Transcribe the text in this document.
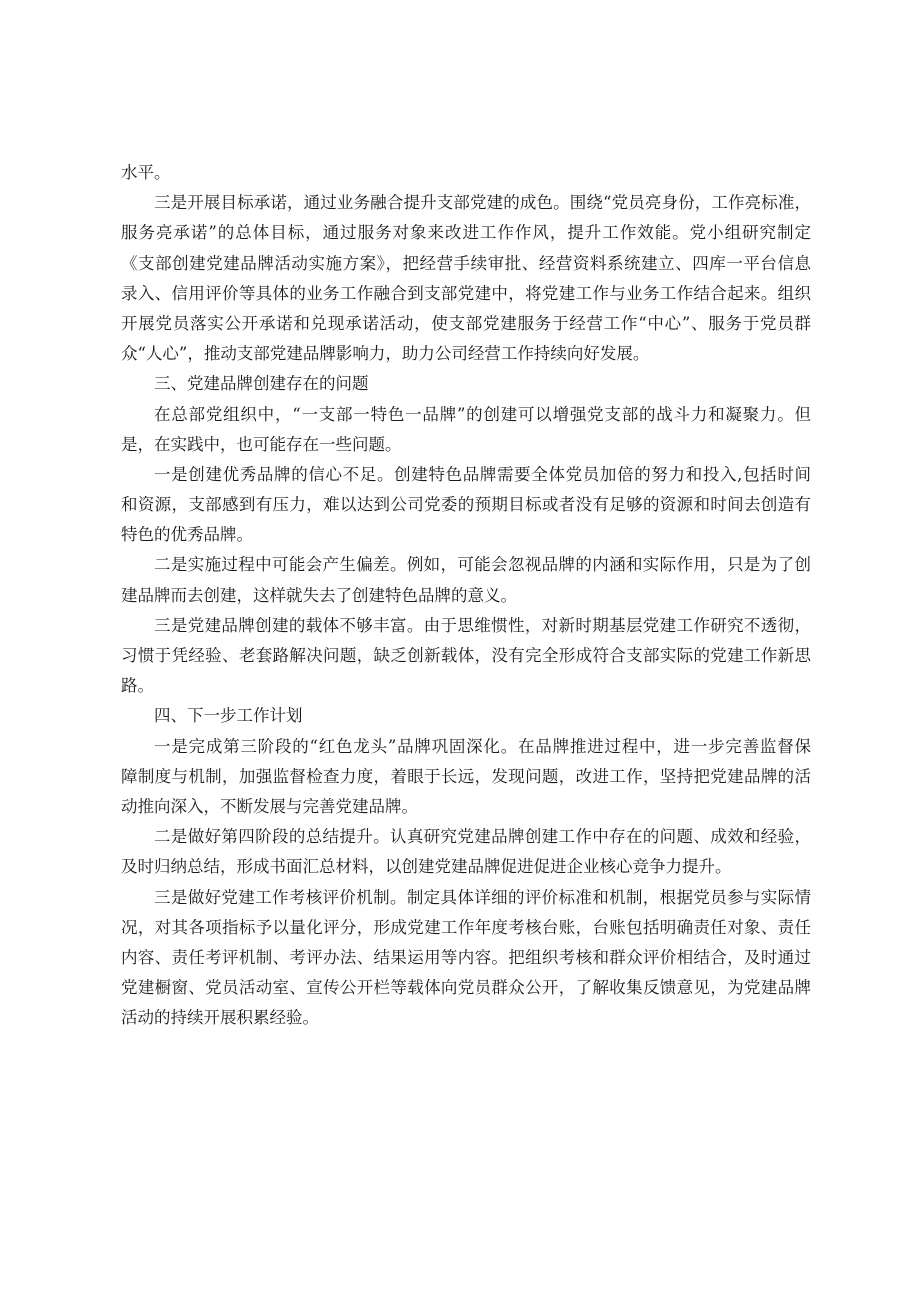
水平。
三是开展目标承诺，通过业务融合提升支部党建的成色。围绕“党员亮身份，工作亮标准，
服务亮承诺”的总体目标，通过服务对象来改进工作作风，提升工作效能。党小组研究制定
《支部创建党建品牌活动实施方案》，把经营手续审批、经营资料系统建立、四库一平台信息
录入、信用评价等具体的业务工作融合到支部党建中，将党建工作与业务工作结合起来。组织
开展党员落实公开承诺和兑现承诺活动，使支部党建服务于经营工作“中心”、服务于党员群
众“人心”，推动支部党建品牌影响力，助力公司经营工作持续向好发展。
三、党建品牌创建存在的问题
在总部党组织中，“一支部一特色一品牌”的创建可以增强党支部的战斗力和凝聚力。但
是，在实践中，也可能存在一些问题。
一是创建优秀品牌的信心不足。创建特色品牌需要全体党员加倍的努力和投入,包括时间
和资源，支部感到有压力，难以达到公司党委的预期目标或者没有足够的资源和时间去创造有
特色的优秀品牌。
二是实施过程中可能会产生偏差。例如，可能会忽视品牌的内涵和实际作用，只是为了创
建品牌而去创建，这样就失去了创建特色品牌的意义。
三是党建品牌创建的载体不够丰富。由于思维惯性，对新时期基层党建工作研究不透彻，
习惯于凭经验、老套路解决问题，缺乏创新载体，没有完全形成符合支部实际的党建工作新思
路。
四、下一步工作计划
一是完成第三阶段的“红色龙头”品牌巩固深化。在品牌推进过程中，进一步完善监督保
障制度与机制，加强监督检查力度，着眼于长远，发现问题，改进工作，坚持把党建品牌的活
动推向深入，不断发展与完善党建品牌。
二是做好第四阶段的总结提升。认真研究党建品牌创建工作中存在的问题、成效和经验，
及时归纳总结，形成书面汇总材料，以创建党建品牌促进促进企业核心竞争力提升。
三是做好党建工作考核评价机制。制定具体详细的评价标准和机制，根据党员参与实际情
况，对其各项指标予以量化评分，形成党建工作年度考核台账，台账包括明确责任对象、责任
内容、责任考评机制、考评办法、结果运用等内容。把组织考核和群众评价相结合，及时通过
党建橱窗、党员活动室、宣传公开栏等载体向党员群众公开，了解收集反馈意见，为党建品牌
活动的持续开展积累经验。
